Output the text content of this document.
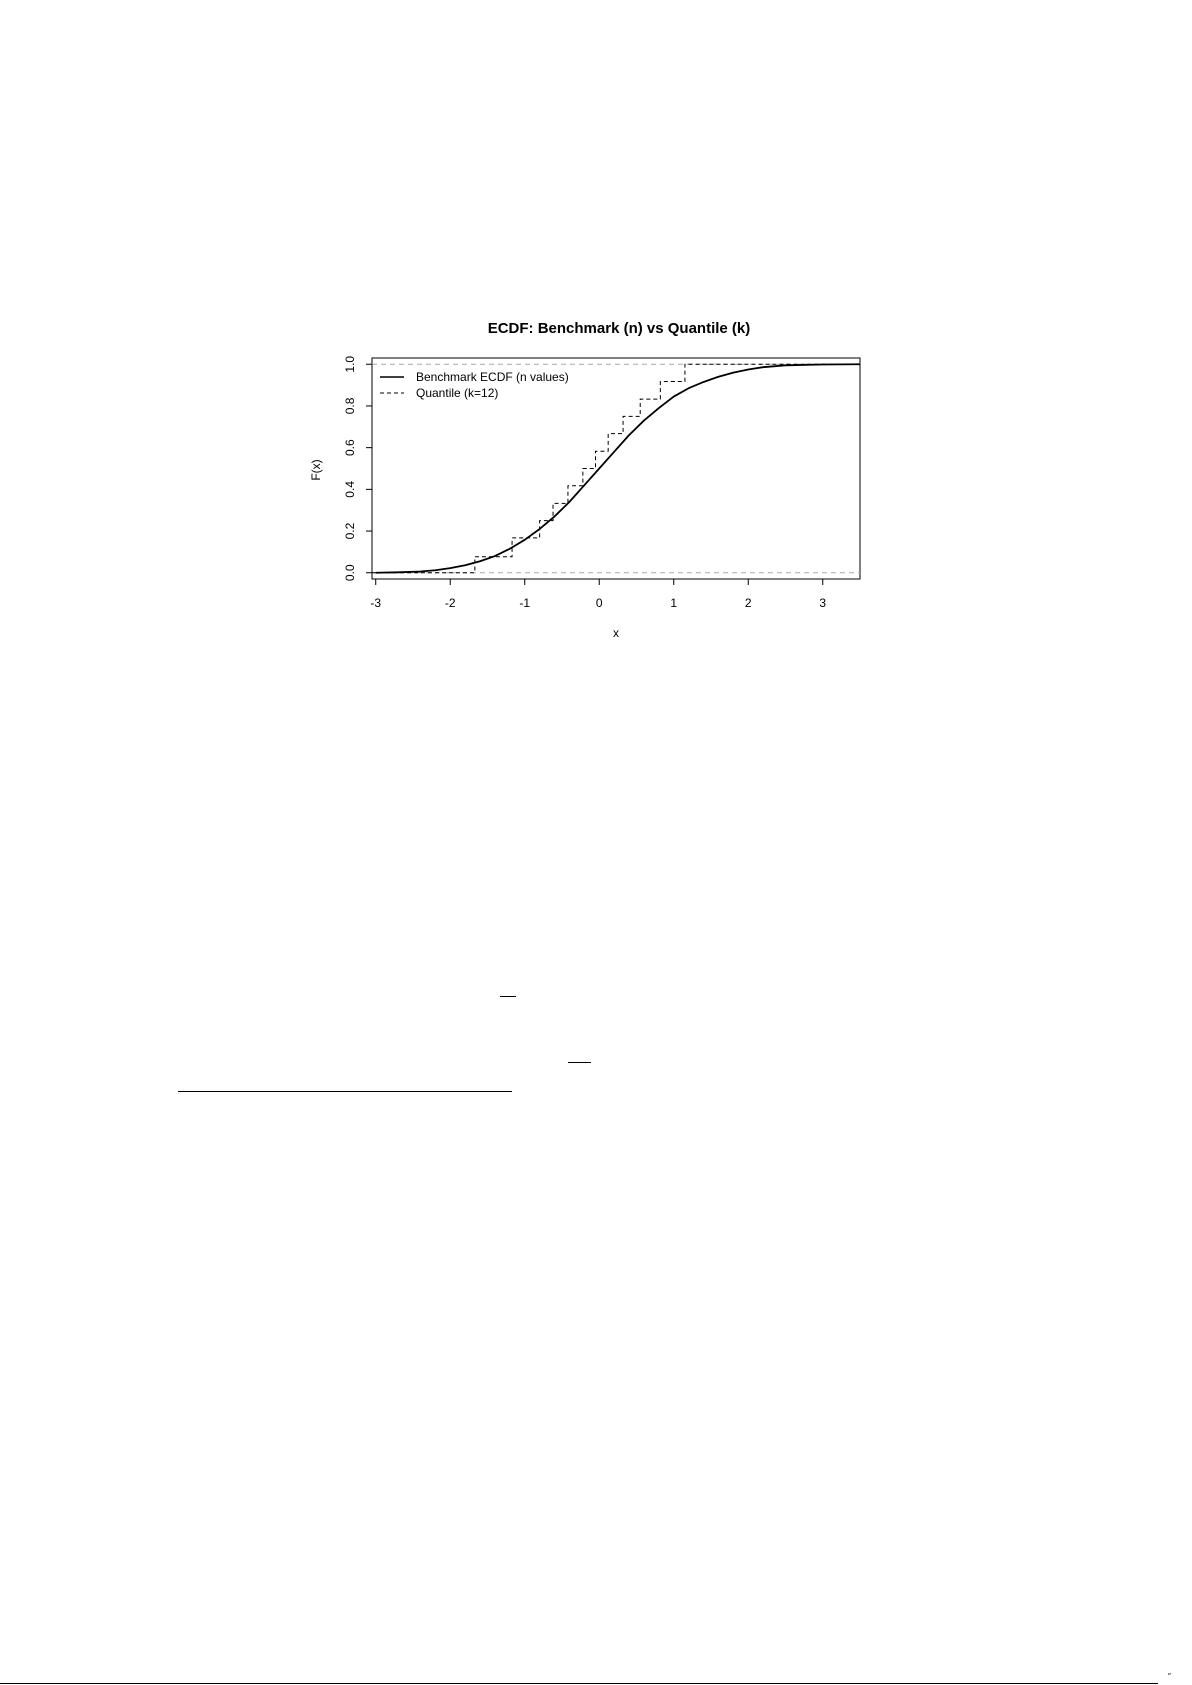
ECDF: Benchmark (n) vs Quantile (k)
-3	-2	-1	0	1	2	3
0.0
0.2
0.4
0.6
0.8
1.0
Benchmark ECDF (n values)
Quantile (k=12)
x
F(x)
″
